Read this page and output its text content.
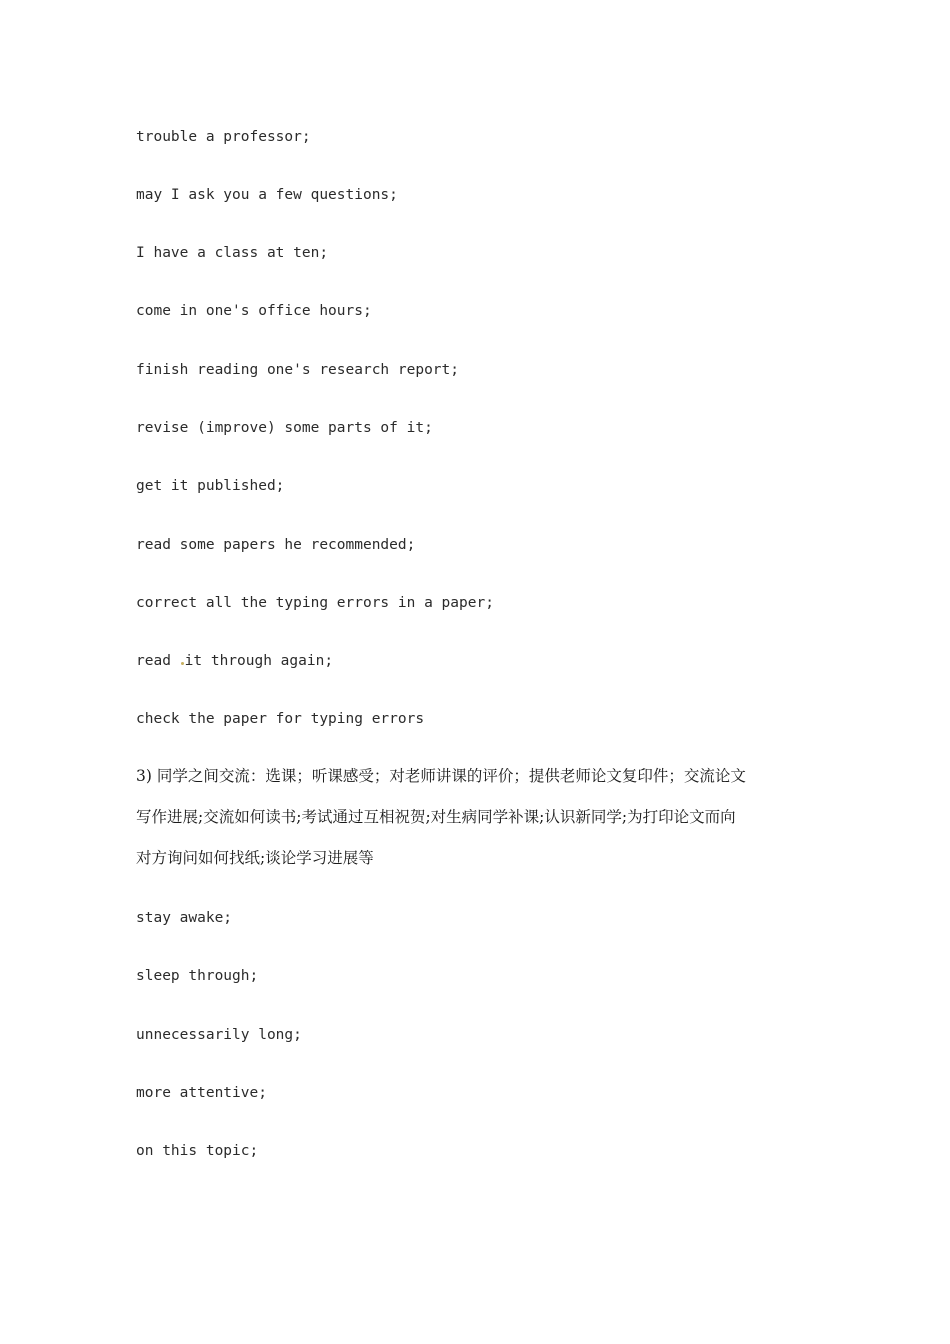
trouble a professor;

may I ask you a few questions;

I have a class at ten;

come in one's office hours;

finish reading one's research report;

revise (improve) some parts of it;

get it published;

read some papers he recommended;

correct all the typing errors in a paper;

read it through again;

check the paper for typing errors

3) 同学之间交流：选课；听课感受；对老师讲课的评价；提供老师论文复印件；交流论文

写作进展;交流如何读书;考试通过互相祝贺;对生病同学补课;认识新同学;为打印论文而向

对方询问如何找纸;谈论学习进展等

stay awake;

sleep through;

unnecessarily long;

more attentive;

on this topic;
